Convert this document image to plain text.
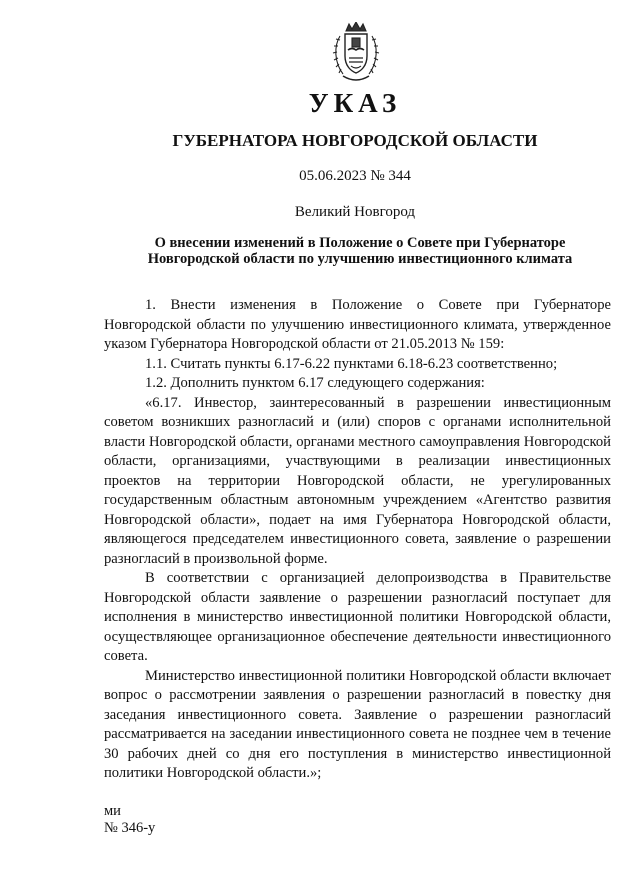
УКАЗ
ГУБЕРНАТОРА НОВГОРОДСКОЙ ОБЛАСТИ
05.06.2023 № 344
Великий Новгород
О внесении изменений в Положение о Совете при Губернаторе Новгородской области по улучшению инвестиционного климата

1. Внести изменения в Положение о Совете при Губернаторе Новгородской области по улучшению инвестиционного климата, утвержденное указом Губернатора Новгородской области от 21.05.2013 № 159:

1.1. Считать пункты 6.17-6.22 пунктами 6.18-6.23 соответственно;

1.2. Дополнить пунктом 6.17 следующего содержания:

«6.17. Инвестор, заинтересованный в разрешении инвестиционным советом возникших разногласий и (или) споров с органами исполнительной власти Новгородской области, органами местного самоуправления Новгородской области, организациями, участвующими в реализации инвестиционных проектов на территории Новгородской области, не урегулированных государственным областным автономным учреждением «Агентство развития Новгородской области», подает на имя Губернатора Новгородской области, являющегося председателем инвестиционного совета, заявление о разрешении разногласий в произвольной форме.

В соответствии с организацией делопроизводства в Правительстве Новгородской области заявление о разрешении разногласий поступает для исполнения в министерство инвестиционной политики Новгородской области, осуществляющее организационное обеспечение деятельности инвестиционного совета.

Министерство инвестиционной политики Новгородской области включает вопрос о рассмотрении заявления о разрешении разногласий в повестку дня заседания инвестиционного совета. Заявление о разрешении разногласий рассматривается на заседании инвестиционного совета не позднее чем в течение 30 рабочих дней со дня его поступления в министерство инвестиционной политики Новгородской области.»;

ми
№ 346-у
